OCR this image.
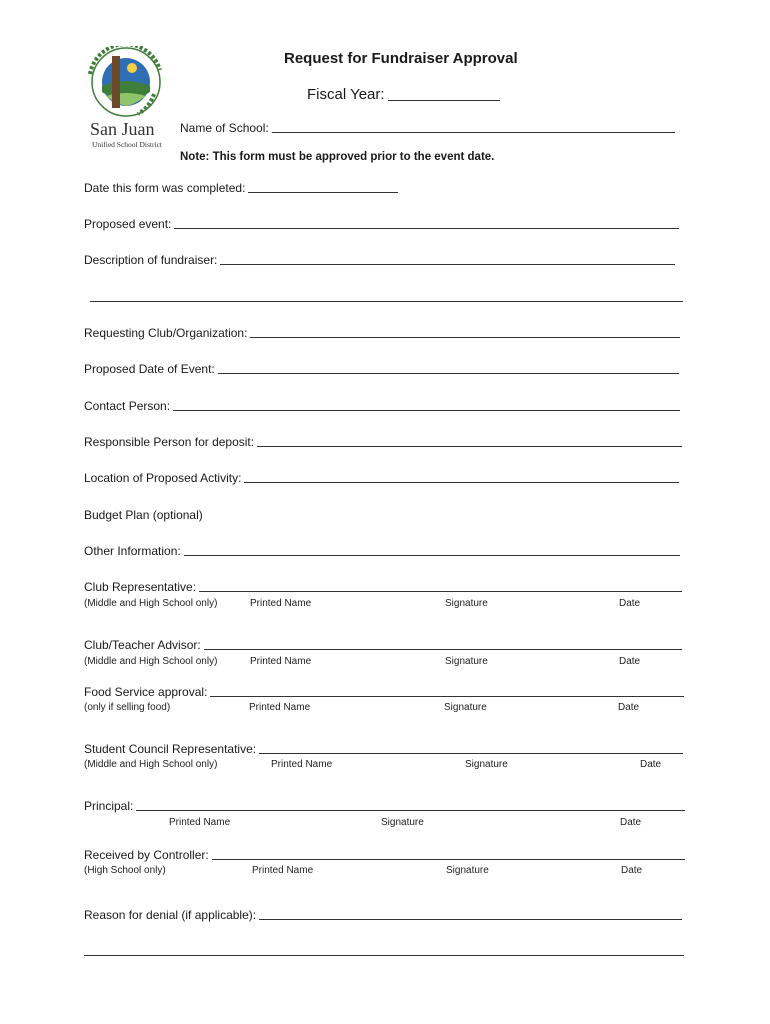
San Juan
Unified School District
Request for Fundraiser Approval
Fiscal Year:
Name of School:
Note: This form must be approved prior to the event date.
Date this form was completed:
Proposed event:
Description of fundraiser:
Requesting Club/Organization:
Proposed Date of Event:
Contact Person:
Responsible Person for deposit:
Location of Proposed Activity:
Budget Plan (optional)
Other Information:
Club Representative:
(Middle and High School only)	Printed Name	Signature	Date
Club/Teacher Advisor:
(Middle and High School only)	Printed Name	Signature	Date
Food Service approval:
(only if selling food)	Printed Name	Signature	Date
Student Council Representative:
(Middle and High School only)	Printed Name	Signature	Date
Principal:
Printed Name	Signature	Date
Received by Controller:
(High School only)	Printed Name	Signature	Date
Reason for denial (if applicable):
